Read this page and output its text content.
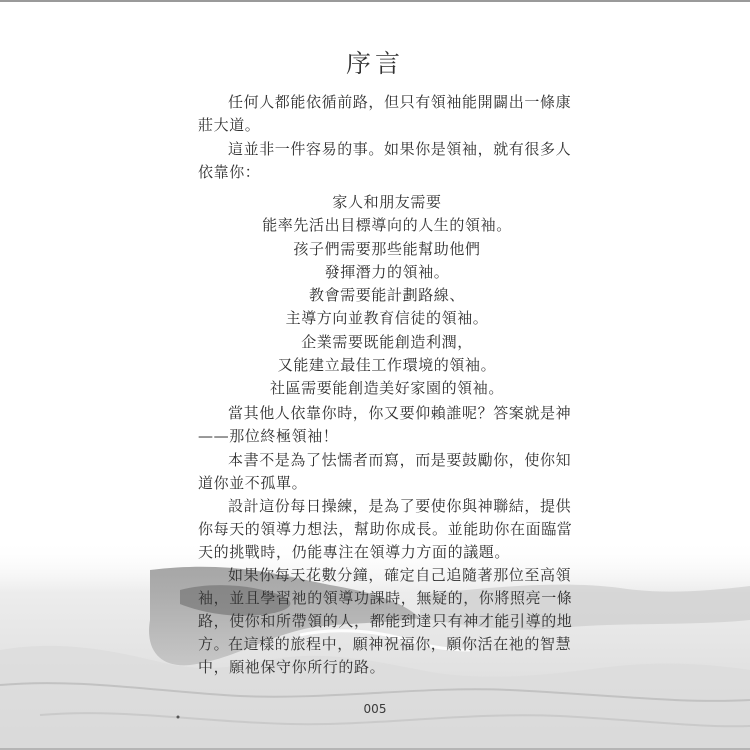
序言
任何人都能依循前路，但只有領袖能開闢出一條康莊大道。
這並非一件容易的事。如果你是領袖，就有很多人依靠你：
家人和朋友需要
能率先活出目標導向的人生的領袖。
孩子們需要那些能幫助他們
發揮潛力的領袖。
教會需要能計劃路線、
主導方向並教育信徒的領袖。
企業需要既能創造利潤，
又能建立最佳工作環境的領袖。
社區需要能創造美好家園的領袖。
當其他人依靠你時，你又要仰賴誰呢？答案就是神——那位終極領袖！
本書不是為了怯懦者而寫，而是要鼓勵你，使你知道你並不孤單。
設計這份每日操練，是為了要使你與神聯結，提供你每天的領導力想法，幫助你成長。並能助你在面臨當天的挑戰時，仍能專注在領導力方面的議題。
如果你每天花數分鐘，確定自己追隨著那位至高領袖，並且學習祂的領導功課時，無疑的，你將照亮一條路，使你和所帶領的人，都能到達只有神才能引導的地方。
在這樣的旅程中，願神祝福你，願你活在祂的智慧中，願祂保守你所行的路。
005
